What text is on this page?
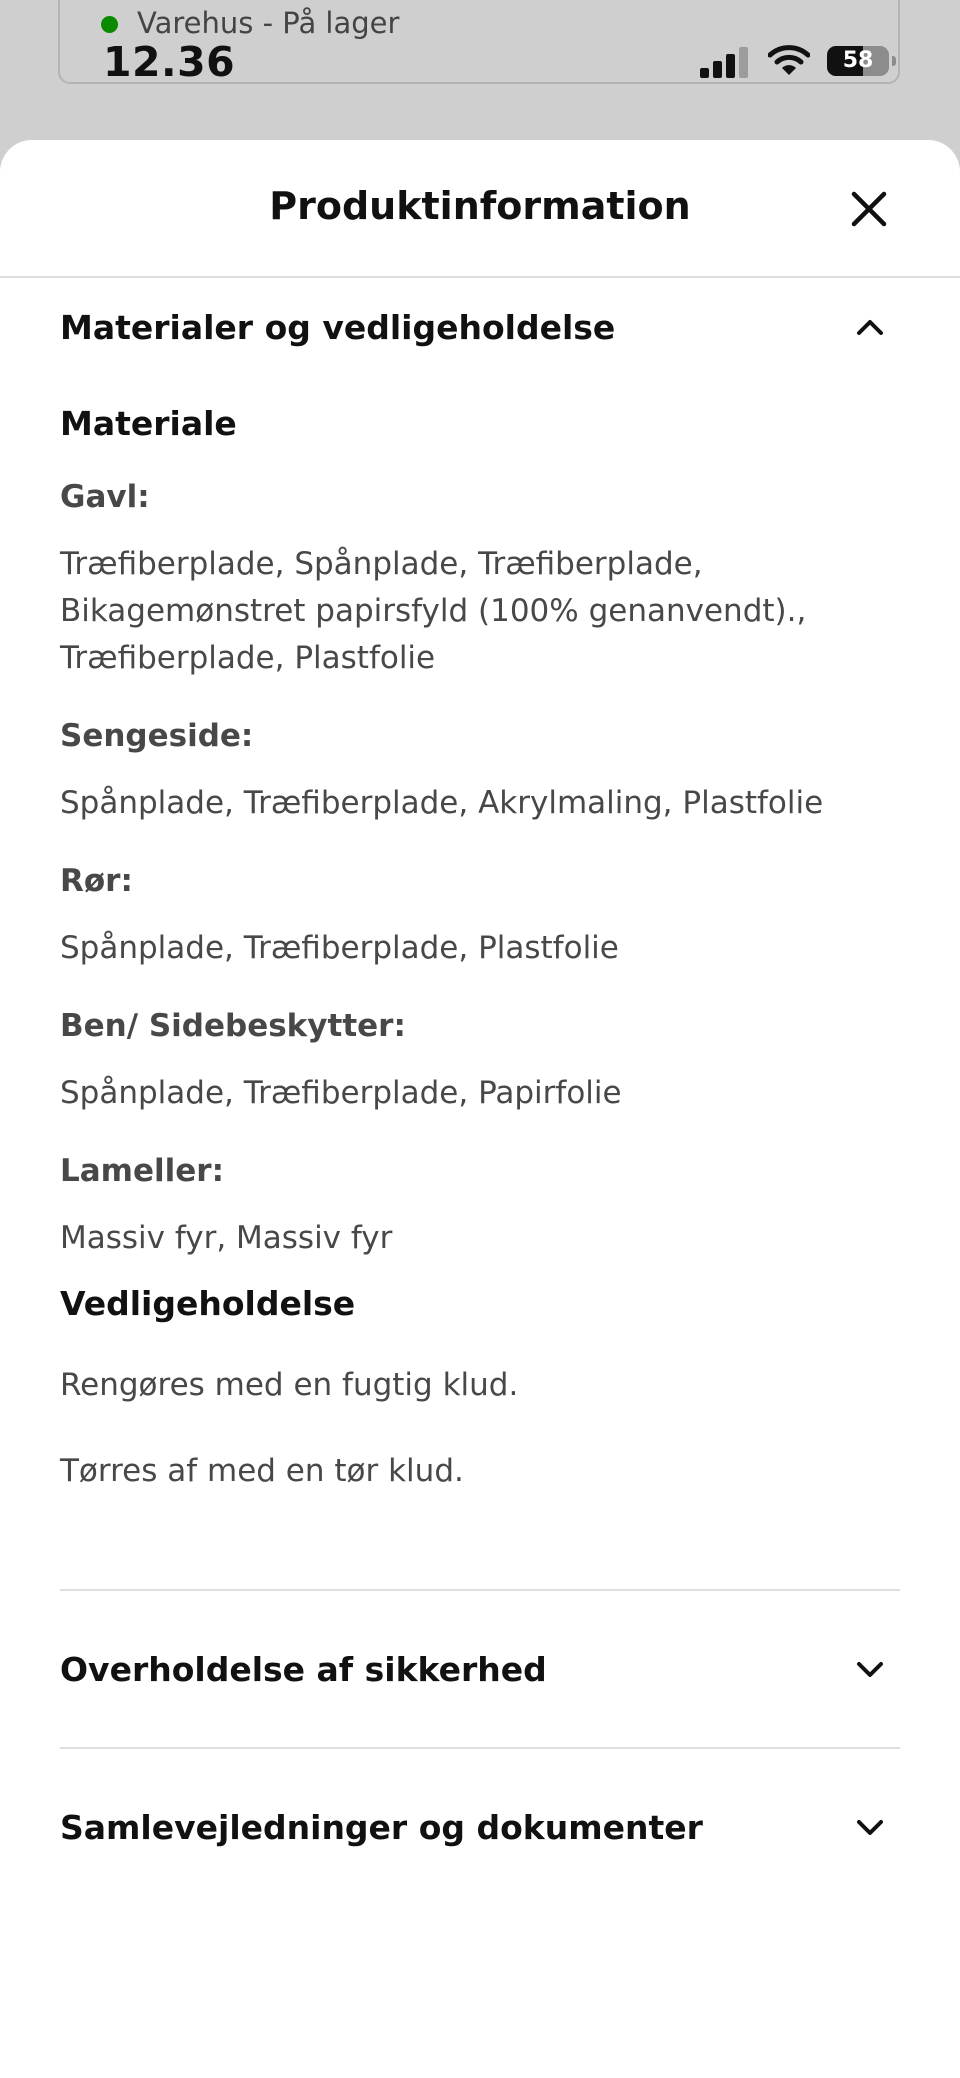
Varehus - På lager
12.36	58
Produktinformation
Materialer og vedligeholdelse
Materiale

Gavl:

Træfiberplade, Spånplade, Træfiberplade, Bikagemønstret papirsfyld (100% genanvendt)., Træfiberplade, Plastfolie

Sengeside:

Spånplade, Træfiberplade, Akrylmaling, Plastfolie

Rør:

Spånplade, Træfiberplade, Plastfolie

Ben/ Sidebeskytter:

Spånplade, Træfiberplade, Papirfolie

Lameller:

Massiv fyr, Massiv fyr

Vedligeholdelse

Rengøres med en fugtig klud.

Tørres af med en tør klud.

Overholdelse af sikkerhed
Samlevejledninger og dokumenter
